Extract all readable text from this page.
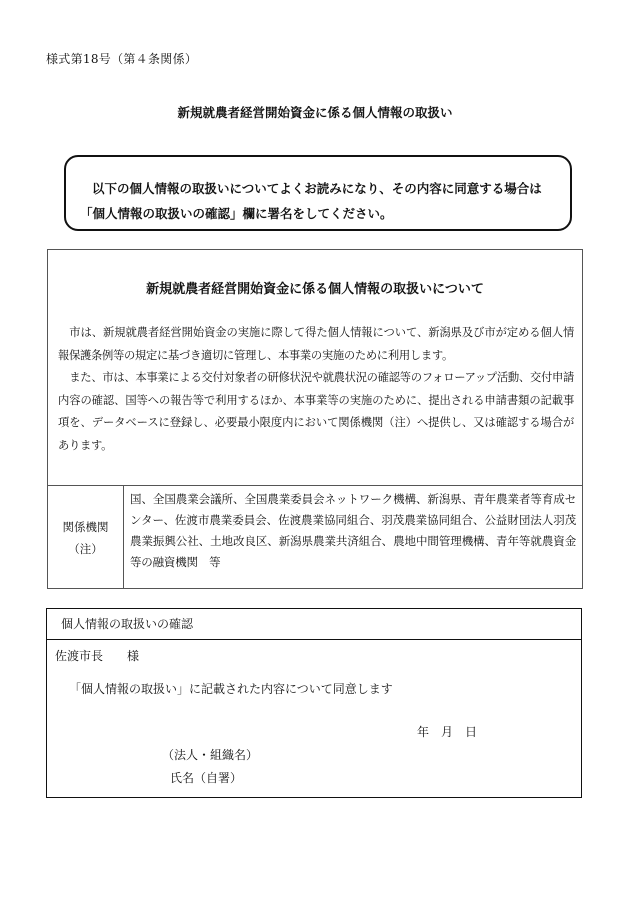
様式第18号（第４条関係）
新規就農者経営開始資金に係る個人情報の取扱い

以下の個人情報の取扱いについてよくお読みになり、その内容に同意する場合は「個人情報の取扱いの確認」欄に署名をしてください。

新規就農者経営開始資金に係る個人情報の取扱いについて

市は、新規就農者経営開始資金の実施に際して得た個人情報について、新潟県及び市が定める個人情報保護条例等の規定に基づき適切に管理し、本事業の実施のために利用します。

また、市は、本事業による交付対象者の研修状況や就農状況の確認等のフォローアップ活動、交付申請内容の確認、国等への報告等で利用するほか、本事業等の実施のために、提出される申請書類の記載事項を、データベースに登録し、必要最小限度内において関係機関（注）へ提供し、又は確認する場合があります。

関係機関
（注）
国、全国農業会議所、全国農業委員会ネットワーク機構、新潟県、青年農業者等育成センター、佐渡市農業委員会、佐渡農業協同組合、羽茂農業協同組合、公益財団法人羽茂農業振興公社、土地改良区、新潟県農業共済組合、農地中間管理機構、青年等就農資金等の融資機関　等
個人情報の取扱いの確認
佐渡市長　　様
「個人情報の取扱い」に記載された内容について同意します
年　月　日
（法人・組織名）
氏名（自署）
